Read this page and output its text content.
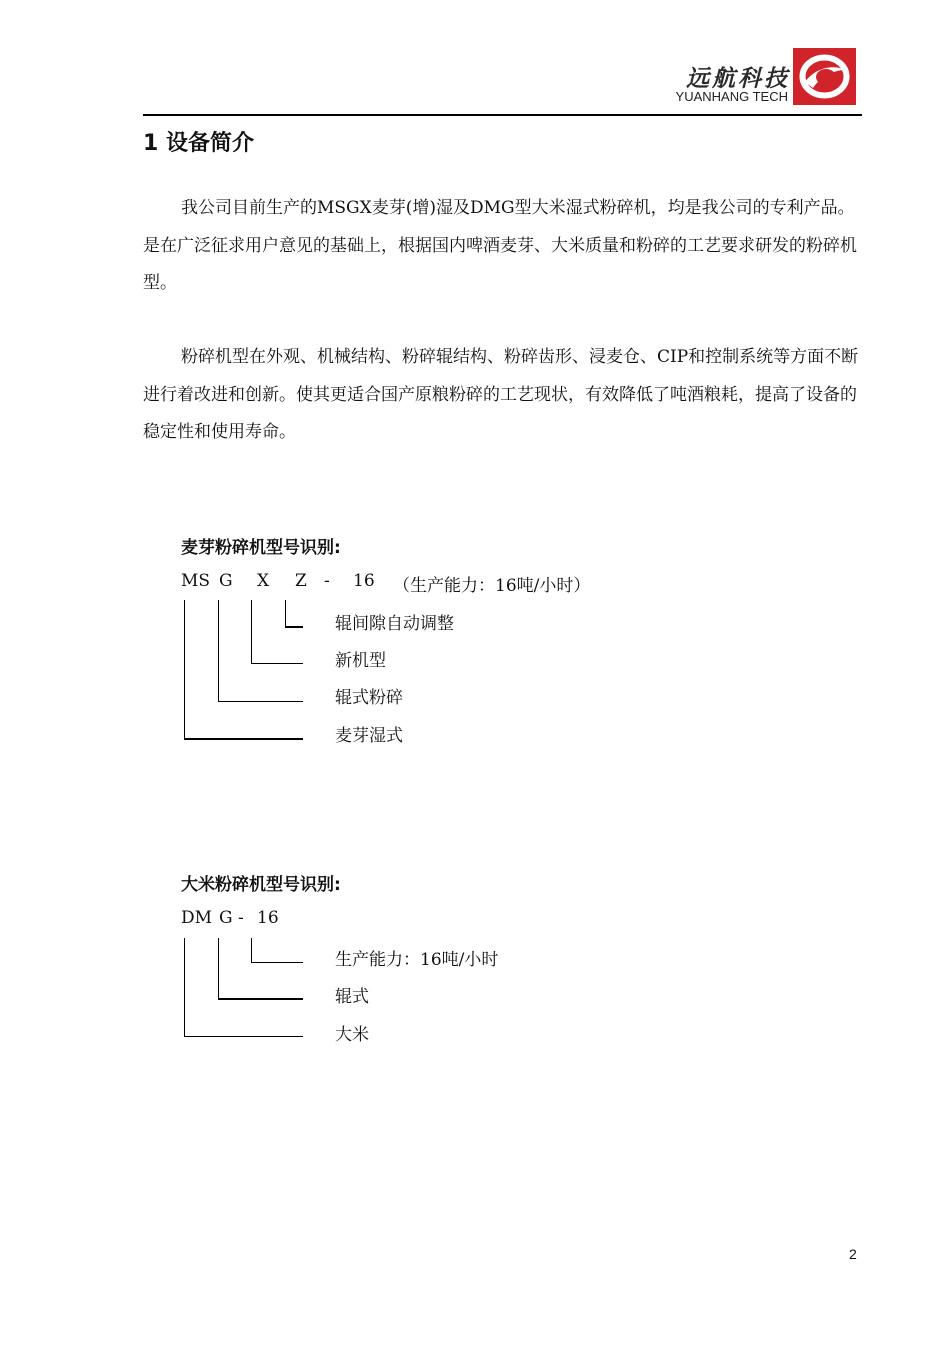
远航科技
YUANHANG TECH
1 设备简介

我公司目前生产的MSGX麦芽(增)湿及DMG型大米湿式粉碎机，均是我公司的专利产品。是在广泛征求用户意见的基础上，根据国内啤酒麦芽、大米质量和粉碎的工艺要求研发的粉碎机型。

粉碎机型在外观、机械结构、粉碎辊结构、粉碎齿形、浸麦仓、CIP和控制系统等方面不断进行着改进和创新。使其更适合国产原粮粉碎的工艺现状，有效降低了吨酒粮耗，提高了设备的稳定性和使用寿命。

麦芽粉碎机型号识别:

MS

G

X

Z

-

16

（生产能力：16吨/小时）

辊间隙自动调整
新机型
辊式粉碎
麦芽湿式
大米粉碎机型号识别:

DM

G

-

16

生产能力：16吨/小时
辊式
大米
2
